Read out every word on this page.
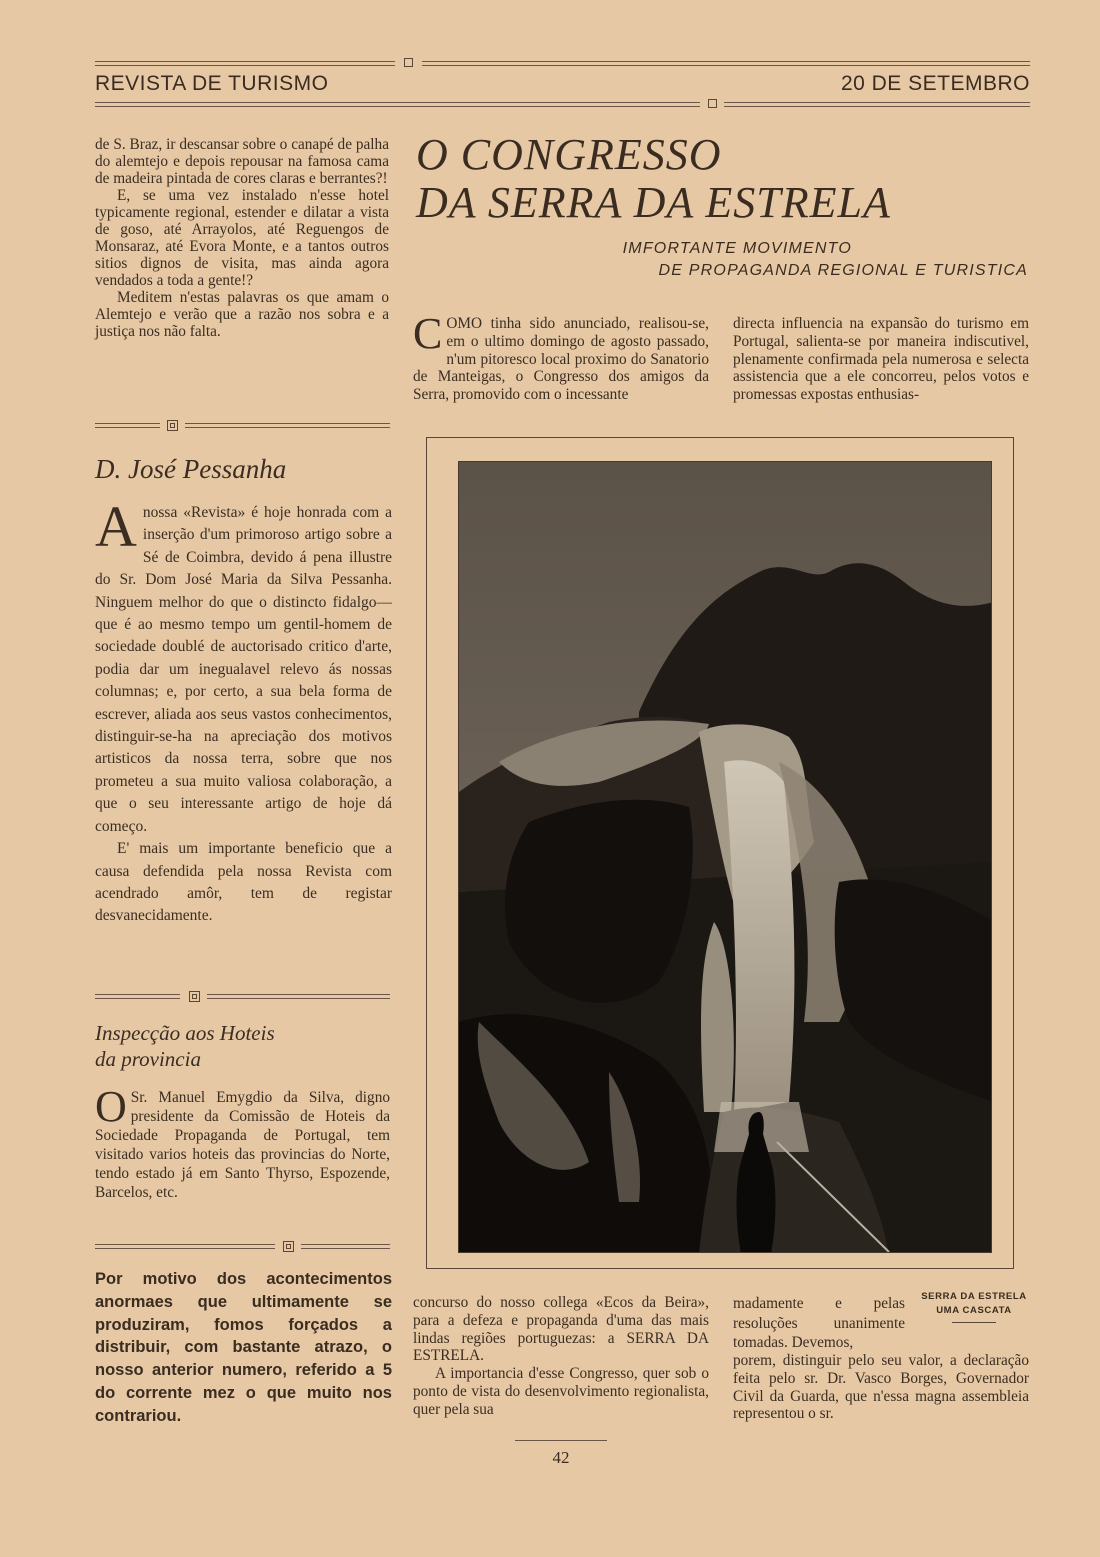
REVISTA DE TURISMO	20 DE SETEMBRO

de S. Braz, ir descansar sobre o canapé de palha do alemtejo e depois repousar na famosa cama de madeira pintada de cores claras e berrantes?!

E, se uma vez instalado n'esse hotel typicamente regional, estender e dilatar a vista de goso, até Arrayolos, até Reguengos de Monsaraz, até Evora Monte, e a tantos outros sitios dignos de visita, mas ainda agora vendados a toda a gente!?

Meditem n'estas palavras os que amam o Alemtejo e verão que a razão nos sobra e a justiça nos não falta.

D. José Pessanha

Anossa «Revista» é hoje honrada com a inserção d'um primoroso artigo sobre a Sé de Coimbra, devido á pena illustre do Sr. Dom José Maria da Silva Pessanha. Ninguem melhor do que o distincto fidalgo—que é ao mesmo tempo um gentil-homem de sociedade doublé de auctorisado critico d'arte, podia dar um inegualavel relevo ás nossas columnas; e, por certo, a sua bela forma de escrever, aliada aos seus vastos conhecimentos, distinguir-se-ha na apreciação dos motivos artisticos da nossa terra, sobre que nos prometeu a sua muito valiosa colaboração, a que o seu interessante artigo de hoje dá começo.

E' mais um importante beneficio que a causa defendida pela nossa Revista com acendrado amôr, tem de registar desvanecidamente.

Inspecção aos Hoteis
da provincia

O Sr. Manuel Emygdio da Silva, digno presidente da Comissão de Hoteis da Sociedade Propaganda de Portugal, tem visitado varios hoteis das provincias do Norte, tendo estado já em Santo Thyrso, Espozende, Barcelos, etc.

Por motivo dos acontecimentos anormaes que ultimamente se produziram, fomos forçados a distribuir, com bastante atrazo, o nosso anterior numero, referido a 5 do corrente mez o que muito nos contrariou.
O CONGRESSO
DA SERRA DA ESTRELA
IMFORTANTE MOVIMENTO
DE PROPAGANDA REGIONAL E TURISTICA

COMO tinha sido anunciado, realisou-se, em o ultimo domingo de agosto passado, n'um pitoresco local proximo do Sanatorio de Manteigas, o Congresso dos amigos da Serra, promovido com o incessante

directa influencia na expansão do turismo em Portugal, salienta-se por maneira indiscutivel, plenamente confirmada pela numerosa e selecta assistencia que a ele concorreu, pelos votos e promessas expostas enthusias-

SERRA DA ESTRELA
UMA CASCATA

concurso do nosso collega «Ecos da Beira», para a defeza e propaganda d'uma das mais lindas regiões portuguezas: a SERRA DA ESTRELA.

A importancia d'esse Congresso, quer sob o ponto de vista do desenvolvimento regionalista, quer pela sua

madamente e pelas resoluções unanimente tomadas. Devemos,

porem, distinguir pelo seu valor, a declaração feita pelo sr. Dr. Vasco Borges, Governador Civil da Guarda, que n'essa magna assembleia representou o sr.

42
